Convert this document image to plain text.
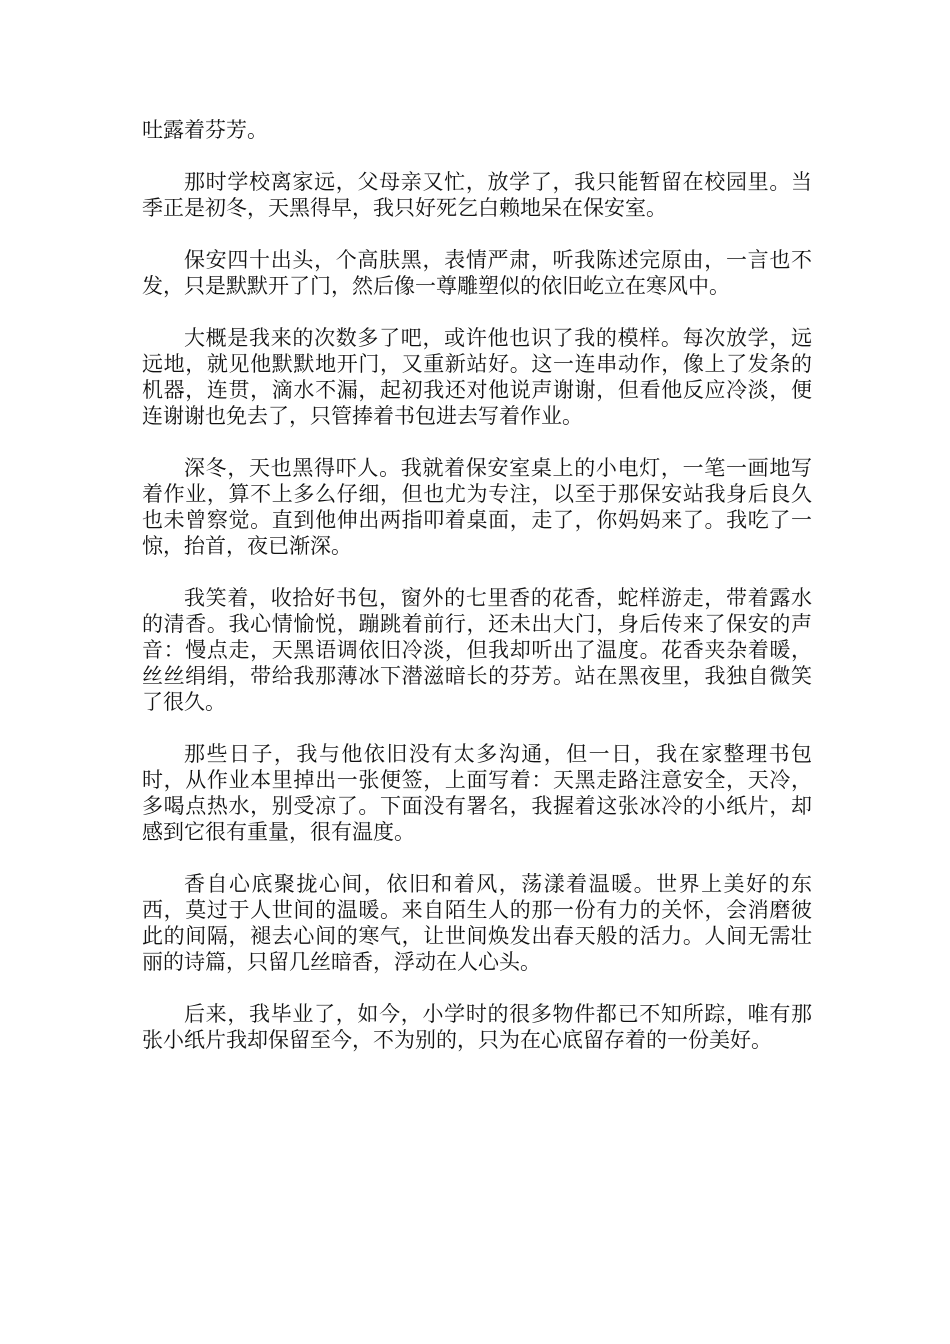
吐露着芬芳。

那时学校离家远，父母亲又忙，放学了，我只能暂留在校园里。当季正是初冬，天黑得早，我只好死乞白赖地呆在保安室。

保安四十出头，个高肤黑，表情严肃，听我陈述完原由，一言也不发，只是默默开了门，然后像一尊雕塑似的依旧屹立在寒风中。

大概是我来的次数多了吧，或许他也识了我的模样。每次放学，远远地，就见他默默地开门，又重新站好。这一连串动作，像上了发条的机器，连贯，滴水不漏，起初我还对他说声谢谢，但看他反应冷淡，便连谢谢也免去了，只管捧着书包进去写着作业。

深冬，天也黑得吓人。我就着保安室桌上的小电灯，一笔一画地写着作业，算不上多么仔细，但也尤为专注，以至于那保安站我身后良久也未曾察觉。直到他伸出两指叩着桌面，走了，你妈妈来了。我吃了一惊，抬首，夜已渐深。

我笑着，收拾好书包，窗外的七里香的花香，蛇样游走，带着露水的清香。我心情愉悦，蹦跳着前行，还未出大门，身后传来了保安的声音：慢点走，天黑语调依旧冷淡，但我却听出了温度。花香夹杂着暖，丝丝绢绢，带给我那薄冰下潜滋暗长的芬芳。站在黑夜里，我独自微笑了很久。

那些日子，我与他依旧没有太多沟通，但一日，我在家整理书包时，从作业本里掉出一张便签，上面写着：天黑走路注意安全，天冷，多喝点热水，别受凉了。下面没有署名，我握着这张冰冷的小纸片，却感到它很有重量，很有温度。

香自心底聚拢心间，依旧和着风，荡漾着温暖。世界上美好的东西，莫过于人世间的温暖。来自陌生人的那一份有力的关怀，会消磨彼此的间隔，褪去心间的寒气，让世间焕发出春天般的活力。人间无需壮丽的诗篇，只留几丝暗香，浮动在人心头。

后来，我毕业了，如今，小学时的很多物件都已不知所踪，唯有那张小纸片我却保留至今，不为别的，只为在心底留存着的一份美好。
